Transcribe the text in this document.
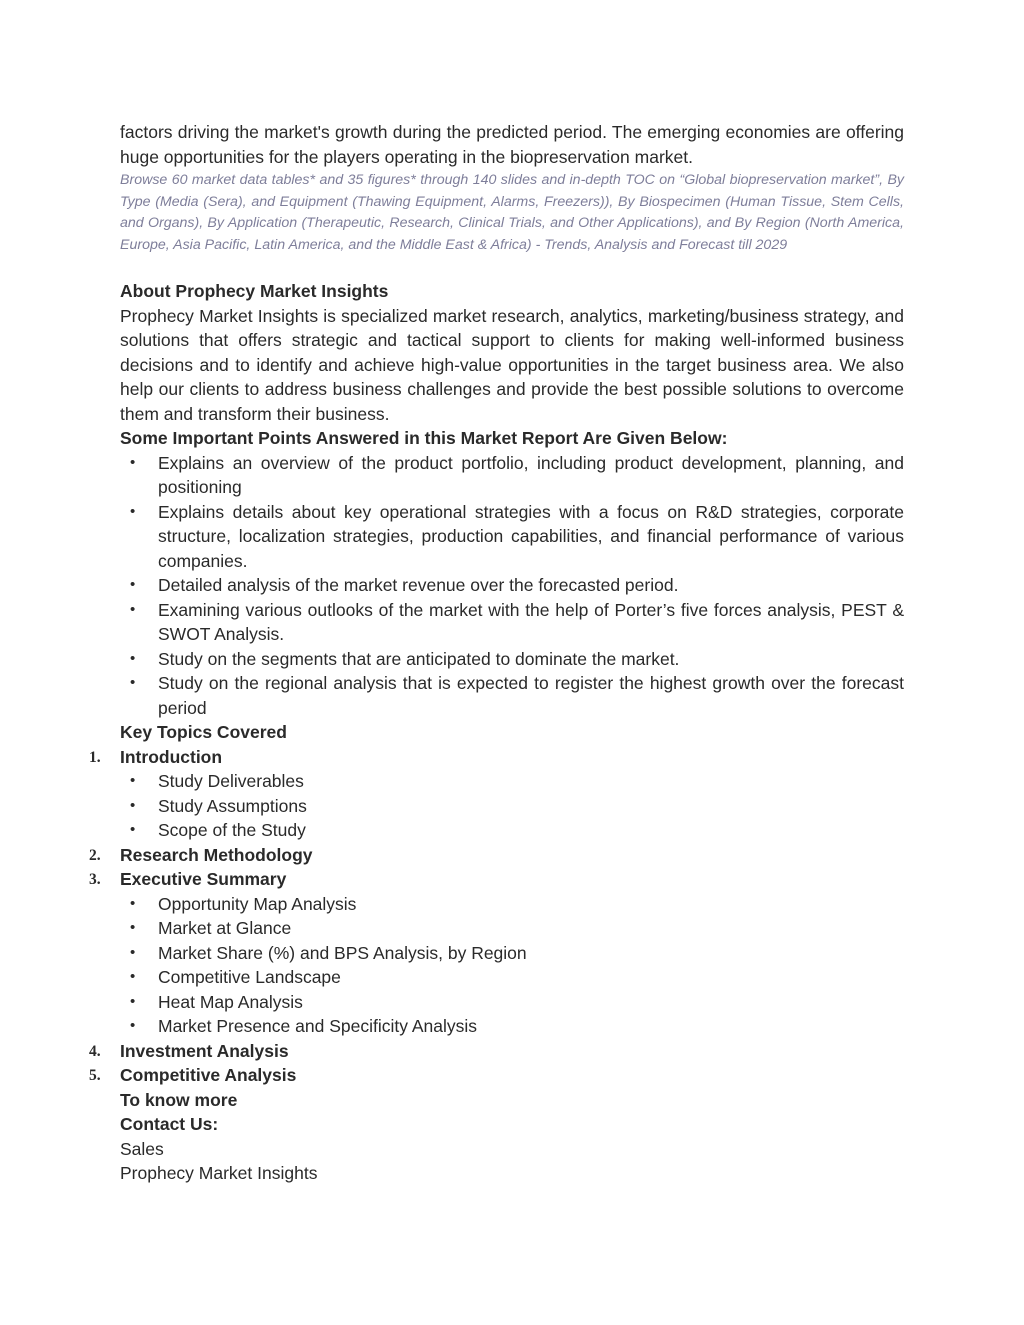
factors driving the market's growth during the predicted period. The emerging economies are offering huge opportunities for the players operating in the biopreservation market.

Browse 60 market data tables* and 35 figures* through 140 slides and in-depth TOC on “Global biopreservation market”, By Type (Media (Sera), and Equipment (Thawing Equipment, Alarms, Freezers)), By Biospecimen (Human Tissue, Stem Cells, and Organs), By Application (Therapeutic, Research, Clinical Trials, and Other Applications), and By Region (North America, Europe, Asia Pacific, Latin America, and the Middle East & Africa) - Trends, Analysis and Forecast till 2029

About Prophecy Market Insights

Prophecy Market Insights is specialized market research, analytics, marketing/business strategy, and solutions that offers strategic and tactical support to clients for making well-informed business decisions and to identify and achieve high-value opportunities in the target business area. We also help our clients to address business challenges and provide the best possible solutions to overcome them and transform their business.

Some Important Points Answered in this Market Report Are Given Below:

• Explains an overview of the product portfolio, including product development, planning, and positioning
• Explains details about key operational strategies with a focus on R&D strategies, corporate structure, localization strategies, production capabilities, and financial performance of various companies.
• Detailed analysis of the market revenue over the forecasted period.
• Examining various outlooks of the market with the help of Porter’s five forces analysis, PEST & SWOT Analysis.
• Study on the segments that are anticipated to dominate the market.
• Study on the regional analysis that is expected to register the highest growth over the forecast period

Key Topics Covered

1. Introduction

• Study Deliverables
• Study Assumptions
• Scope of the Study

2. Research Methodology

3. Executive Summary

• Opportunity Map Analysis
• Market at Glance
• Market Share (%) and BPS Analysis, by Region
• Competitive Landscape
• Heat Map Analysis
• Market Presence and Specificity Analysis

4. Investment Analysis

5. Competitive Analysis

To know more

Contact Us:

Sales

Prophecy Market Insights
